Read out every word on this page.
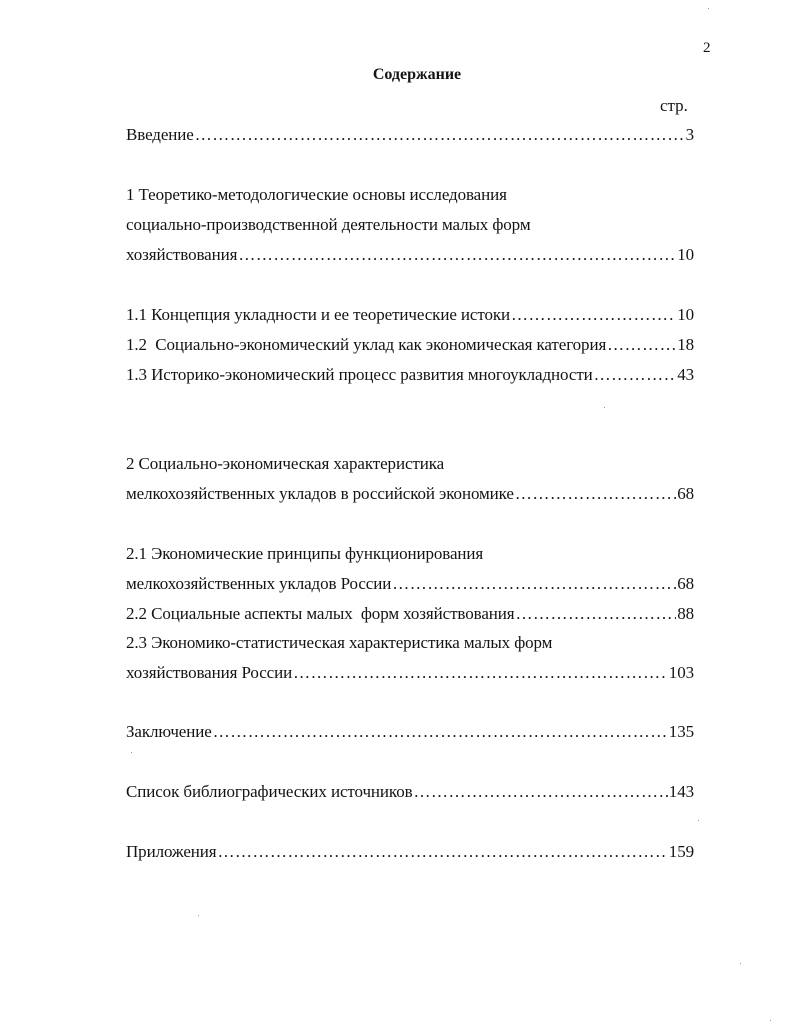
2
Содержание
стр.
Введение ……………………………………………………………………………………………………………………………………………………………………	3
1 Теоретико-методологические основы исследования
социально-производственной деятельности малых форм
хозяйствования ……………………………………………………………………………………………………………………………………………………………………	10
1.1 Концепция укладности и ее теоретические истоки ……………………………………………………………………………………………………………………………………………………………………	10
1.2  Социально-экономический уклад как экономическая категория ……………………………………………………………………………………………………………………………………………………………………	18
1.3 Историко-экономический процесс развития многоукладности ……………………………………………………………………………………………………………………………………………………………………	43
2 Социально-экономическая характеристика
мелкохозяйственных укладов в российской экономике ……………………………………………………………………………………………………………………………………………………………………	68
2.1 Экономические принципы функционирования
мелкохозяйственных укладов России ……………………………………………………………………………………………………………………………………………………………………	68
2.2 Социальные аспекты малых  форм хозяйствования ……………………………………………………………………………………………………………………………………………………………………	88
2.3 Экономико-статистическая характеристика малых форм
хозяйствования России ……………………………………………………………………………………………………………………………………………………………………	103
Заключение ……………………………………………………………………………………………………………………………………………………………………	135
Список библиографических источников ……………………………………………………………………………………………………………………………………………………………………	143
Приложения ……………………………………………………………………………………………………………………………………………………………………	159
